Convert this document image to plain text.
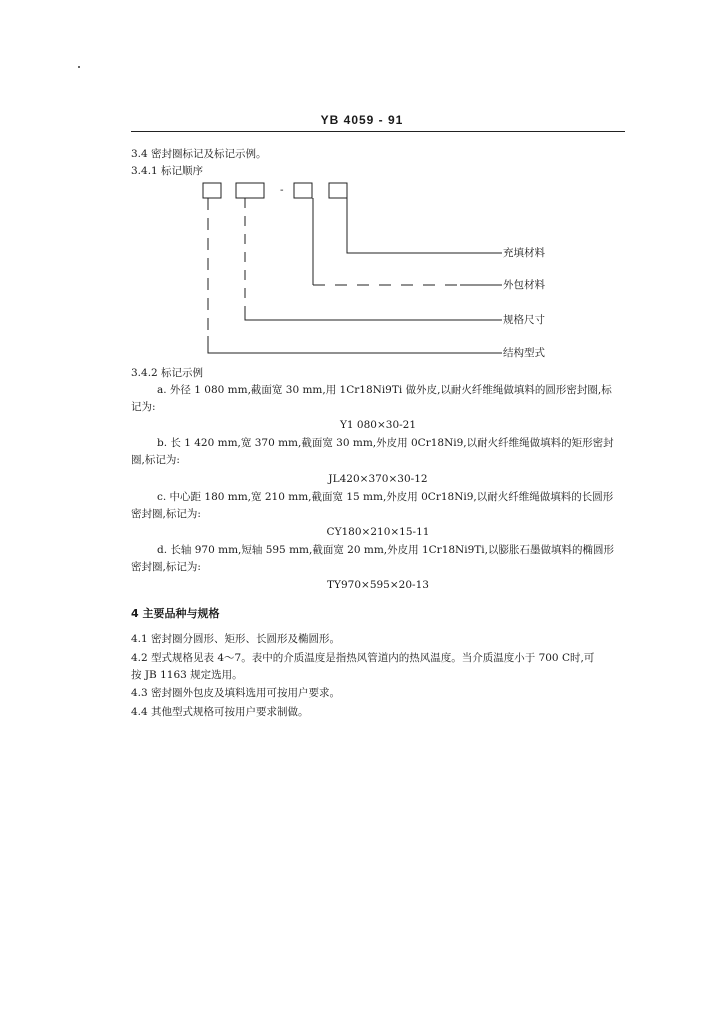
YB 4059 - 91
3.4 密封圈标记及标记示例。
3.4.1 标记顺序
-
充填材料
外包材料
规格尺寸
结构型式
3.4.2 标记示例
a. 外径 1 080 mm,截面宽 30 mm,用 1Cr18Ni9Ti 做外皮,以耐火纤维绳做填料的圆形密封圈,标
记为:
Y1 080×30-21
b. 长 1 420 mm,宽 370 mm,截面宽 30 mm,外皮用 0Cr18Ni9,以耐火纤维绳做填料的矩形密封
圈,标记为:
JL420×370×30-12
c. 中心距 180 mm,宽 210 mm,截面宽 15 mm,外皮用 0Cr18Ni9,以耐火纤维绳做填料的长圆形
密封圈,标记为:
CY180×210×15-11
d. 长轴 970 mm,短轴 595 mm,截面宽 20 mm,外皮用 1Cr18Ni9Ti,以膨胀石墨做填料的椭圆形
密封圈,标记为:
TY970×595×20-13
4 主要品种与规格
4.1 密封圈分圆形、矩形、长圆形及椭圆形。
4.2 型式规格见表 4～7。表中的介质温度是指热风管道内的热风温度。当介质温度小于 700 C时,可
按 JB 1163 规定选用。
4.3 密封圈外包皮及填料选用可按用户要求。
4.4 其他型式规格可按用户要求制做。
